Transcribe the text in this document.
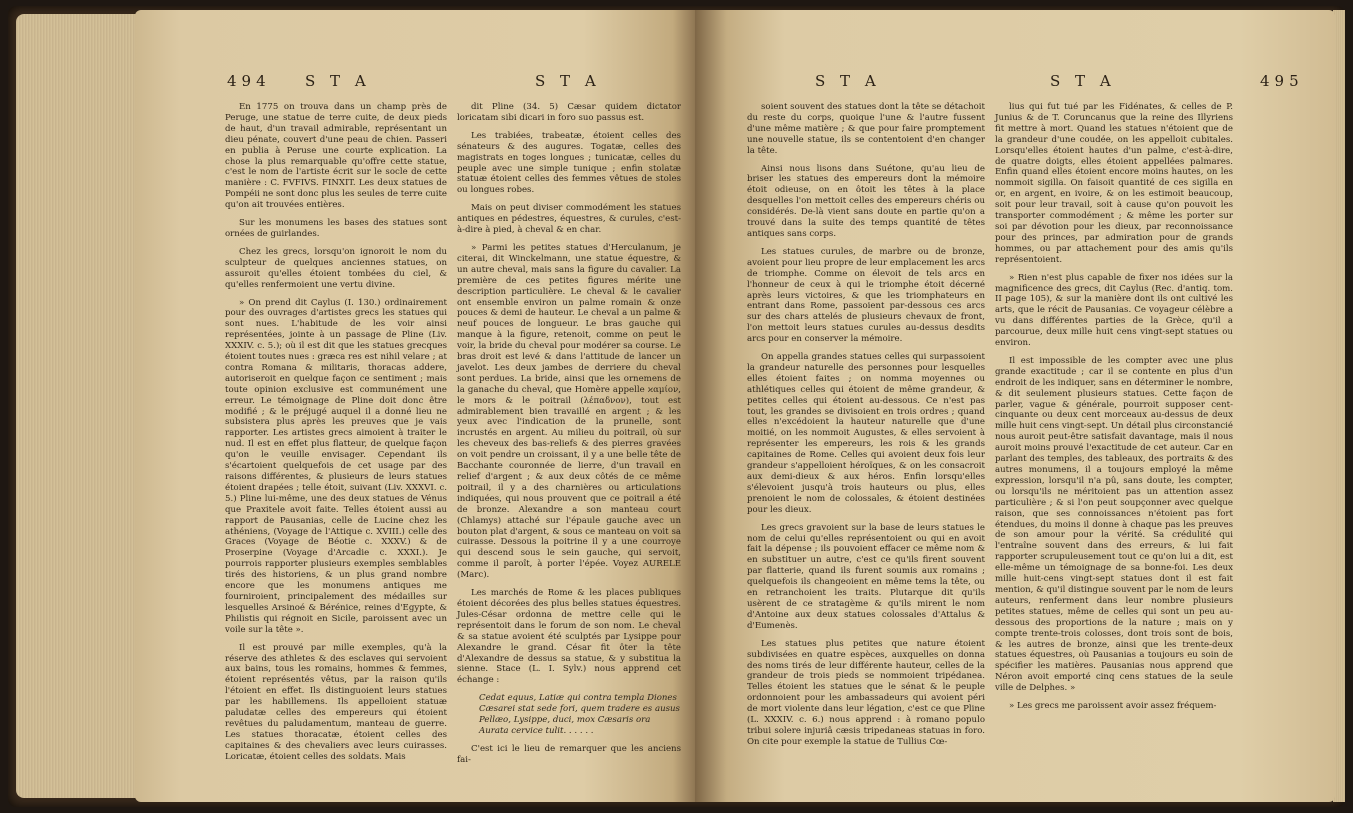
494 S T A	S T A

En 1775 on trouva dans un champ près de Peruge, une statue de terre cuite, de deux pieds de haut, d'un travail admirable, représentant un dieu pénate, couvert d'une peau de chien. Passeri en publia à Peruse une courte explication. La chose la plus remarquable qu'offre cette statue, c'est le nom de l'artiste écrit sur le socle de cette manière : C. FVFIVS. FINXIT. Les deux statues de Pompéii ne sont donc plus les seules de terre cuite qu'on ait trouvées entières.

Sur les monumens les bases des statues sont ornées de guirlandes.

Chez les grecs, lorsqu'on ignoroit le nom du sculpteur de quelques anciennes statues, on assuroit qu'elles étoient tombées du ciel, & qu'elles renfermoient une vertu divine.

» On prend dit Caylus (I. 130.) ordinairement pour des ouvrages d'artistes grecs les statues qui sont nues. L'habitude de les voir ainsi représentées, jointe à un passage de Pline (Liv. XXXIV. c. 5.); où il est dit que les statues grecques étoient toutes nues : græca res est nihil velare ; at contra Romana & militaris, thoracas addere, autoriseroit en quelque façon ce sentiment ; mais toute opinion exclusive est communément une erreur. Le témoignage de Pline doit donc être modifié ; & le préjugé auquel il a donné lieu ne subsistera plus après les preuves que je vais rapporter. Les artistes grecs aimoient à traiter le nud. Il est en effet plus flatteur, de quelque façon qu'on le veuille envisager. Cependant ils s'écartoient quelquefois de cet usage par des raisons différentes, & plusieurs de leurs statues étoient drapées ; telle étoit, suivant (Liv. XXXVI. c. 5.) Pline lui-même, une des deux statues de Vénus que Praxitele avoit faite. Telles étoient aussi au rapport de Pausanias, celle de Lucine chez les athéniens, (Voyage de l'Attique c. XVIII.) celle des Graces (Voyage de Béotie c. XXXV.) & de Proserpine (Voyage d'Arcadie c. XXXI.). Je pourrois rapporter plusieurs exemples semblables tirés des historiens, & un plus grand nombre encore que les monumens antiques me fourniroient, principalement des médailles sur lesquelles Arsinoé & Bérénice, reines d'Egypte, & Philistis qui régnoit en Sicile, paroissent avec un voile sur la tête ».

Il est prouvé par mille exemples, qu'à la réserve des athletes & des esclaves qui servoient aux bains, tous les romains, hommes & femmes, étoient représentés vêtus, par la raison qu'ils l'étoient en effet. Ils distinguoient leurs statues par les habillemens. Ils appelloient statuæ paludatæ celles des empereurs qui étoient revêtues du paludamentum, manteau de guerre. Les statues thoracatæ, étoient celles des capitaines & des chevaliers avec leurs cuirasses. Loricatæ, étoient celles des soldats. Mais

dit Pline (34. 5) Cæsar quidem dictator loricatam sibi dicari in foro suo passus est.

Les trabiées, trabeatæ, étoient celles des sénateurs & des augures. Togatæ, celles des magistrats en toges longues ; tunicatæ, celles du peuple avec une simple tunique ; enfin stolatæ statuæ étoient celles des femmes vêtues de stoles ou longues robes.

Mais on peut diviser commodément les statues antiques en pédestres, équestres, & curules, c'est-à-dire à pied, à cheval & en char.

» Parmi les petites statues d'Herculanum, je citerai, dit Winckelmann, une statue équestre, & un autre cheval, mais sans la figure du cavalier. La première de ces petites figures mérite une description particulière. Le cheval & le cavalier ont ensemble environ un palme romain & onze pouces & demi de hauteur. Le cheval a un palme & neuf pouces de longueur. Le bras gauche qui manque à la figure, retenoit, comme on peut le voir, la bride du cheval pour modérer sa course. Le bras droit est levé & dans l'attitude de lancer un javelot. Les deux jambes de derriere du cheval sont perdues. La bride, ainsi que les ornemens de la ganache du cheval, que Homère appelle ϰαμίον, le mors & le poitrail (λέπαδνον), tout est admirablement bien travaillé en argent ; & les yeux avec l'indication de la prunelle, sont incrustés en argent. Au milieu du poitrail, où sur les cheveux des bas-reliefs & des pierres gravées on voit pendre un croissant, il y a une belle tête de Bacchante couronnée de lierre, d'un travail en relief d'argent ; & aux deux côtés de ce même poitrail, il y a des charnières ou articulations indiquées, qui nous prouvent que ce poitrail a été de bronze. Alexandre a son manteau court (Chlamys) attaché sur l'épaule gauche avec un bouton plat d'argent, & sous ce manteau on voit sa cuirasse. Dessous la poitrine il y a une courroye qui descend sous le sein gauche, qui servoit, comme il paroît, à porter l'épée. Voyez AURELE (Marc).

Les marchés de Rome & les places publiques étoient décorées des plus belles statues équestres. Jules-César ordonna de mettre celle qui le représentoit dans le forum de son nom. Le cheval & sa statue avoient été sculptés par Lysippe pour Alexandre le grand. César fit ôter la tête d'Alexandre de dessus sa statue, & y substitua la sienne. Stace (L. I. Sylv.) nous apprend cet échange :

Cedat equus, Latiæ qui contra templa Diones

Cæsarei stat sede fori, quem tradere es ausus

Pellæo, Lysippe, duci, mox Cæsaris ora

Aurata cervice tulit. . . . . .

C'est ici le lieu de remarquer que les anciens fai-

S T A	S T A	495

soient souvent des statues dont la tête se détachoit du reste du corps, quoique l'une & l'autre fussent d'une même matière ; & que pour faire promptement une nouvelle statue, ils se contentoient d'en changer la tête.

Ainsi nous lisons dans Suétone, qu'au lieu de briser les statues des empereurs dont la mémoire étoit odieuse, on en ôtoit les têtes à la place desquelles l'on mettoit celles des empereurs chéris ou considérés. De-là vient sans doute en partie qu'on a trouvé dans la suite des temps quantité de têtes antiques sans corps.

Les statues curules, de marbre ou de bronze, avoient pour lieu propre de leur emplacement les arcs de triomphe. Comme on élevoit de tels arcs en l'honneur de ceux à qui le triomphe étoit décerné après leurs victoires, & que les triomphateurs en entrant dans Rome, passoient par-dessous ces arcs sur des chars attelés de plusieurs chevaux de front, l'on mettoit leurs statues curules au-dessus desdits arcs pour en conserver la mémoire.

On appella grandes statues celles qui surpassoient la grandeur naturelle des personnes pour lesquelles elles étoient faites ; on nomma moyennes ou athlétiques celles qui étoient de même grandeur, & petites celles qui étoient au-dessous. Ce n'est pas tout, les grandes se divisoient en trois ordres ; quand elles n'excédoient la hauteur naturelle que d'une moitié, on les nommoit Augustes, & elles servoient à représenter les empereurs, les rois & les grands capitaines de Rome. Celles qui avoient deux fois leur grandeur s'appelloient héroïques, & on les consacroit aux demi-dieux & aux héros. Enfin lorsqu'elles s'élevoient jusqu'à trois hauteurs ou plus, elles prenoient le nom de colossales, & étoient destinées pour les dieux.

Les grecs gravoient sur la base de leurs statues le nom de celui qu'elles représentoient ou qui en avoit fait la dépense ; ils pouvoient effacer ce même nom & en substituer un autre, c'est ce qu'ils firent souvent par flatterie, quand ils furent soumis aux romains ; quelquefois ils changeoient en même tems la tête, ou en retranchoient les traits. Plutarque dit qu'ils usèrent de ce stratagème & qu'ils mirent le nom d'Antoine aux deux statues colossales d'Attalus & d'Eumenès.

Les statues plus petites que nature étoient subdivisées en quatre espèces, auxquelles on donna des noms tirés de leur différente hauteur, celles de la grandeur de trois pieds se nommoient tripédanea. Telles étoient les statues que le sénat & le peuple ordonnoient pour les ambassadeurs qui avoient péri de mort violente dans leur légation, c'est ce que Pline (L. XXXIV. c. 6.) nous apprend : à romano populo tribui solere injuriâ cæsis tripedaneas statuas in foro. On cite pour exemple la statue de Tullius Cœ-

lius qui fut tué par les Fidénates, & celles de P. Junius & de T. Coruncanus que la reine des Illyriens fit mettre à mort. Quand les statues n'étoient que de la grandeur d'une coudée, on les appelloit cubitales. Lorsqu'elles étoient hautes d'un palme, c'est-à-dire, de quatre doigts, elles étoient appellées palmares. Enfin quand elles étoient encore moins hautes, on les nommoit sigilla. On faisoit quantité de ces sigilla en or, en argent, en ivoire, & on les estimoit beaucoup, soit pour leur travail, soit à cause qu'on pouvoit les transporter commodément ; & même les porter sur soi par dévotion pour les dieux, par reconnoissance pour des princes, par admiration pour de grands hommes, ou par attachement pour des amis qu'ils représentoient.

» Rien n'est plus capable de fixer nos idées sur la magnificence des grecs, dit Caylus (Rec. d'antiq. tom. II page 105), & sur la manière dont ils ont cultivé les arts, que le récit de Pausanias. Ce voyageur célèbre a vu dans différentes parties de la Grèce, qu'il a parcourue, deux mille huit cens vingt-sept statues ou environ.

Il est impossible de les compter avec une plus grande exactitude ; car il se contente en plus d'un endroit de les indiquer, sans en déterminer le nombre, & dit seulement plusieurs statues. Cette façon de parler, vague & générale, pourroit supposer cent-cinquante ou deux cent morceaux au-dessus de deux mille huit cens vingt-sept. Un détail plus circonstancié nous auroit peut-être satisfait davantage, mais il nous auroit moins prouvé l'exactitude de cet auteur. Car en parlant des temples, des tableaux, des portraits & des autres monumens, il a toujours employé la même expression, lorsqu'il n'a pû, sans doute, les compter, ou lorsqu'ils ne méritoient pas un attention assez particulière ; & si l'on peut soupçonner avec quelque raison, que ses connoissances n'étoient pas fort étendues, du moins il donne à chaque pas les preuves de son amour pour la vérité. Sa crédulité qui l'entraîne souvent dans des erreurs, & lui fait rapporter scrupuleusement tout ce qu'on lui a dit, est elle-même un témoignage de sa bonne-foi. Les deux mille huit-cens vingt-sept statues dont il est fait mention, & qu'il distingue souvent par le nom de leurs auteurs, renferment dans leur nombre plusieurs petites statues, même de celles qui sont un peu au-dessous des proportions de la nature ; mais on y compte trente-trois colosses, dont trois sont de bois, & les autres de bronze, ainsi que les trente-deux statues équestres, où Pausanias a toujours eu soin de spécifier les matières. Pausanias nous apprend que Néron avoit emporté cinq cens statues de la seule ville de Delphes. »

» Les grecs me paroissent avoir assez fréquem-
